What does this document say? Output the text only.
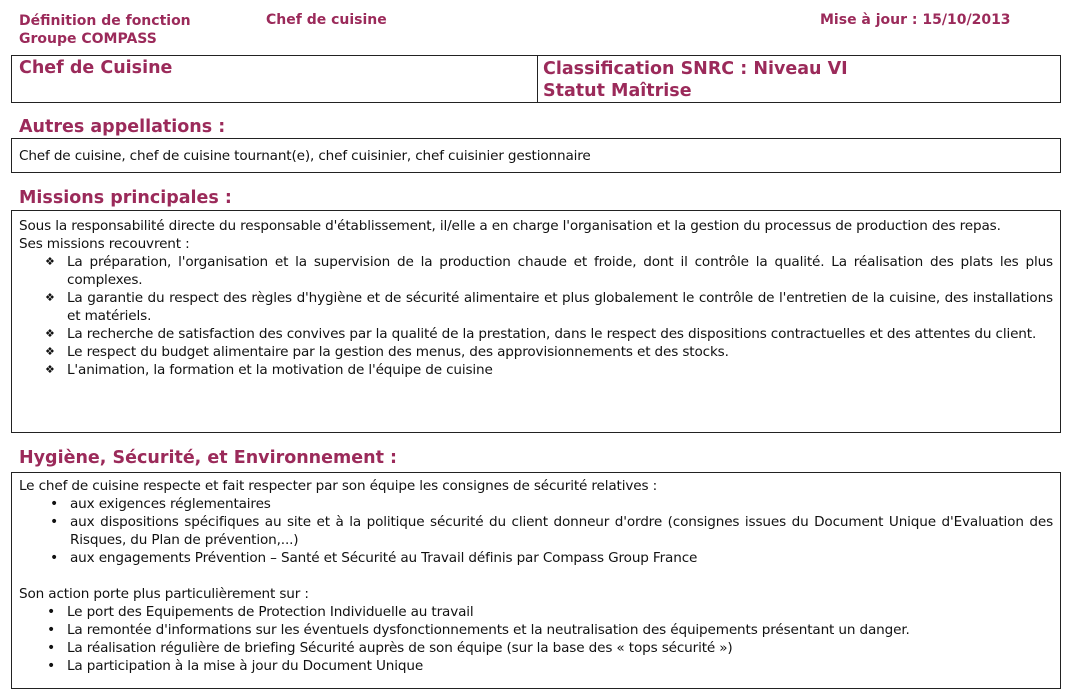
Définition de fonction
Groupe COMPASS
Chef de cuisine	Mise à jour : 15/10/2013
Chef de Cuisine	Classification SNRC : Niveau VI
Statut Maîtrise
Autres appellations :
Chef de cuisine, chef de cuisine tournant(e), chef cuisinier, chef cuisinier gestionnaire
Missions principales :
Sous la responsabilité directe du responsable d'établissement, il/elle a en charge l'organisation et la gestion du processus de production des repas.
Ses missions recouvrent :
❖ La préparation, l'organisation et la supervision de la production chaude et froide, dont il contrôle la qualité. La réalisation des plats les plus complexes.
❖ La garantie du respect des règles d'hygiène et de sécurité alimentaire et plus globalement le contrôle de l'entretien de la cuisine, des installations et matériels.
❖ La recherche de satisfaction des convives par la qualité de la prestation, dans le respect des dispositions contractuelles et des attentes du client.
❖ Le respect du budget alimentaire par la gestion des menus, des approvisionnements et des stocks.
❖ L'animation, la formation et la motivation de l'équipe de cuisine
Hygiène, Sécurité, et Environnement :
Le chef de cuisine respecte et fait respecter par son équipe les consignes de sécurité relatives :
• aux exigences réglementaires
• aux dispositions spécifiques au site et à la politique sécurité du client donneur d'ordre (consignes issues du Document Unique d'Evaluation des Risques, du Plan de prévention,...)
• aux engagements Prévention – Santé et Sécurité au Travail définis par Compass Group France
Son action porte plus particulièrement sur :
• Le port des Equipements de Protection Individuelle au travail
• La remontée d'informations sur les éventuels dysfonctionnements et la neutralisation des équipements présentant un danger.
• La réalisation régulière de briefing Sécurité auprès de son équipe (sur la base des « tops sécurité »)
• La participation à la mise à jour du Document Unique
